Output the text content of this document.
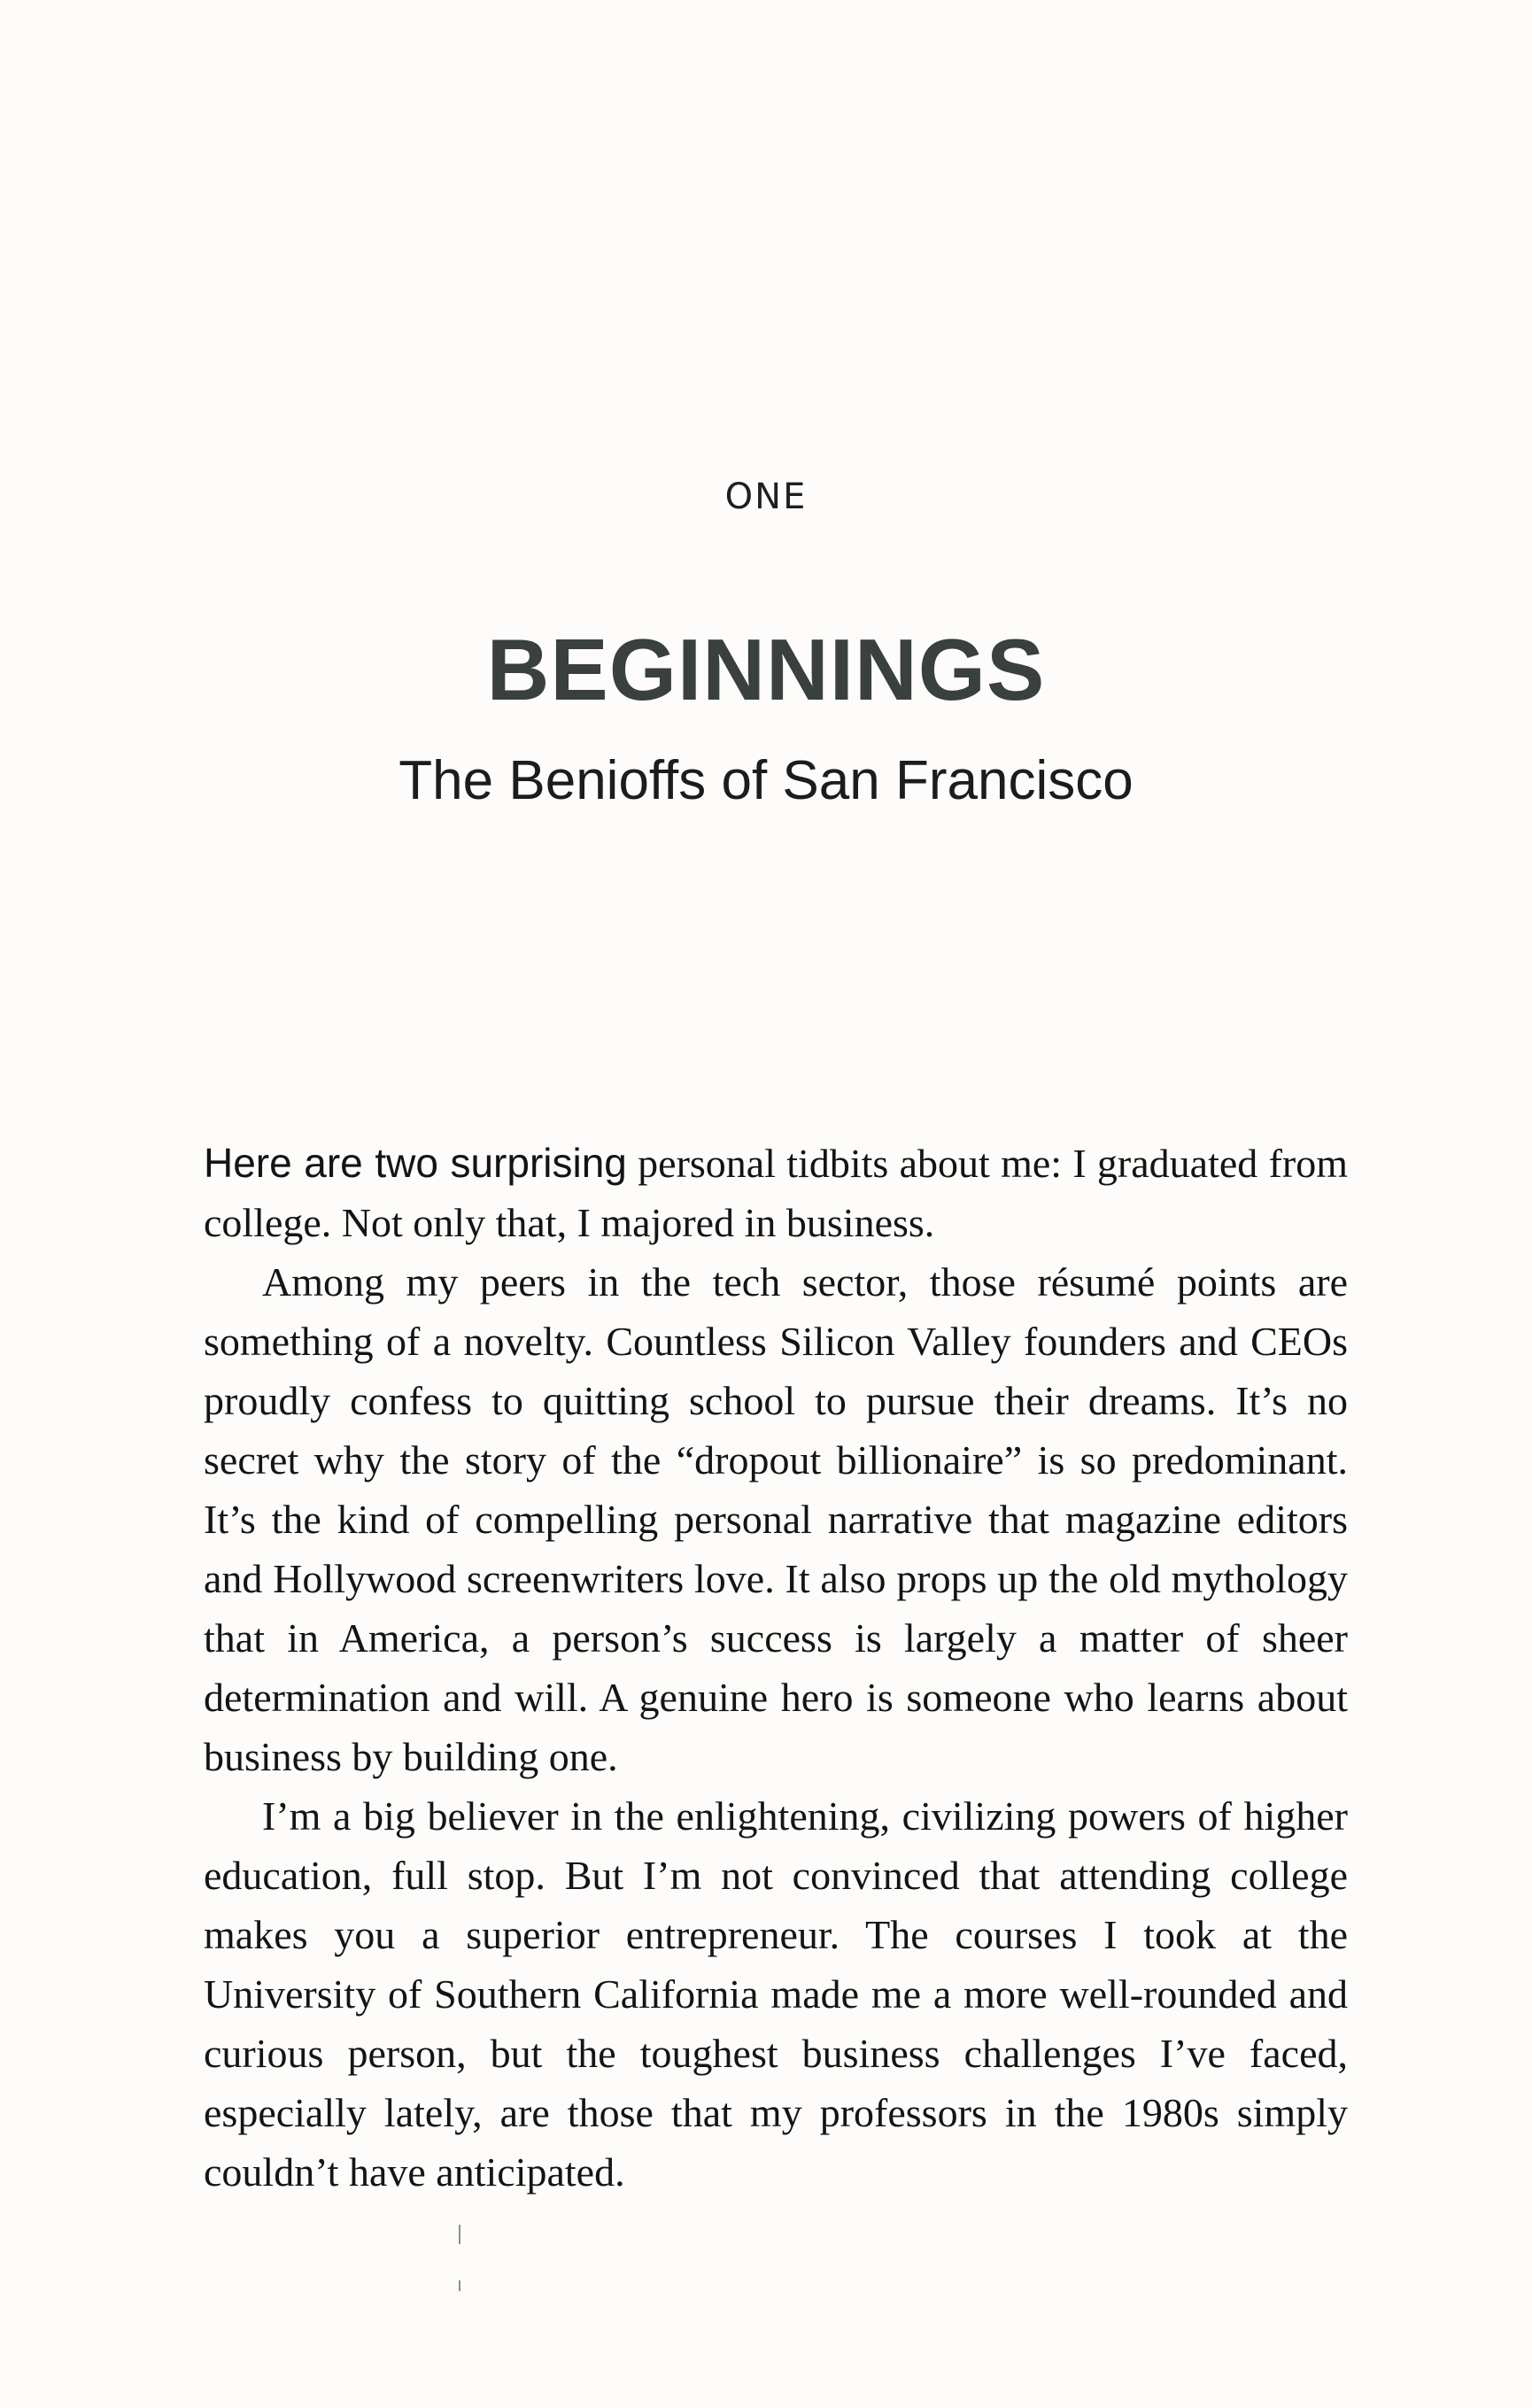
ONE
BEGINNINGS
The Benioffs of San Francisco

Here are two surprising personal tidbits about me: I graduated from college. Not only that, I majored in business.

Among my peers in the tech sector, those résumé points are something of a novelty. Countless Silicon Valley founders and CEOs proudly confess to quitting school to pursue their dreams. It’s no secret why the story of the “dropout billionaire” is so predominant. It’s the kind of compelling personal narrative that magazine editors and Hollywood screenwriters love. It also props up the old mythology that in America, a person’s success is largely a matter of sheer determination and will. A genuine hero is someone who learns about business by building one.

I’m a big believer in the enlightening, civilizing powers of higher education, full stop. But I’m not convinced that attending college makes you a superior entrepreneur. The courses I took at the University of Southern California made me a more well-rounded and curious person, but the toughest business challenges I’ve faced, especially lately, are those that my professors in the 1980s simply couldn’t have anticipated.
